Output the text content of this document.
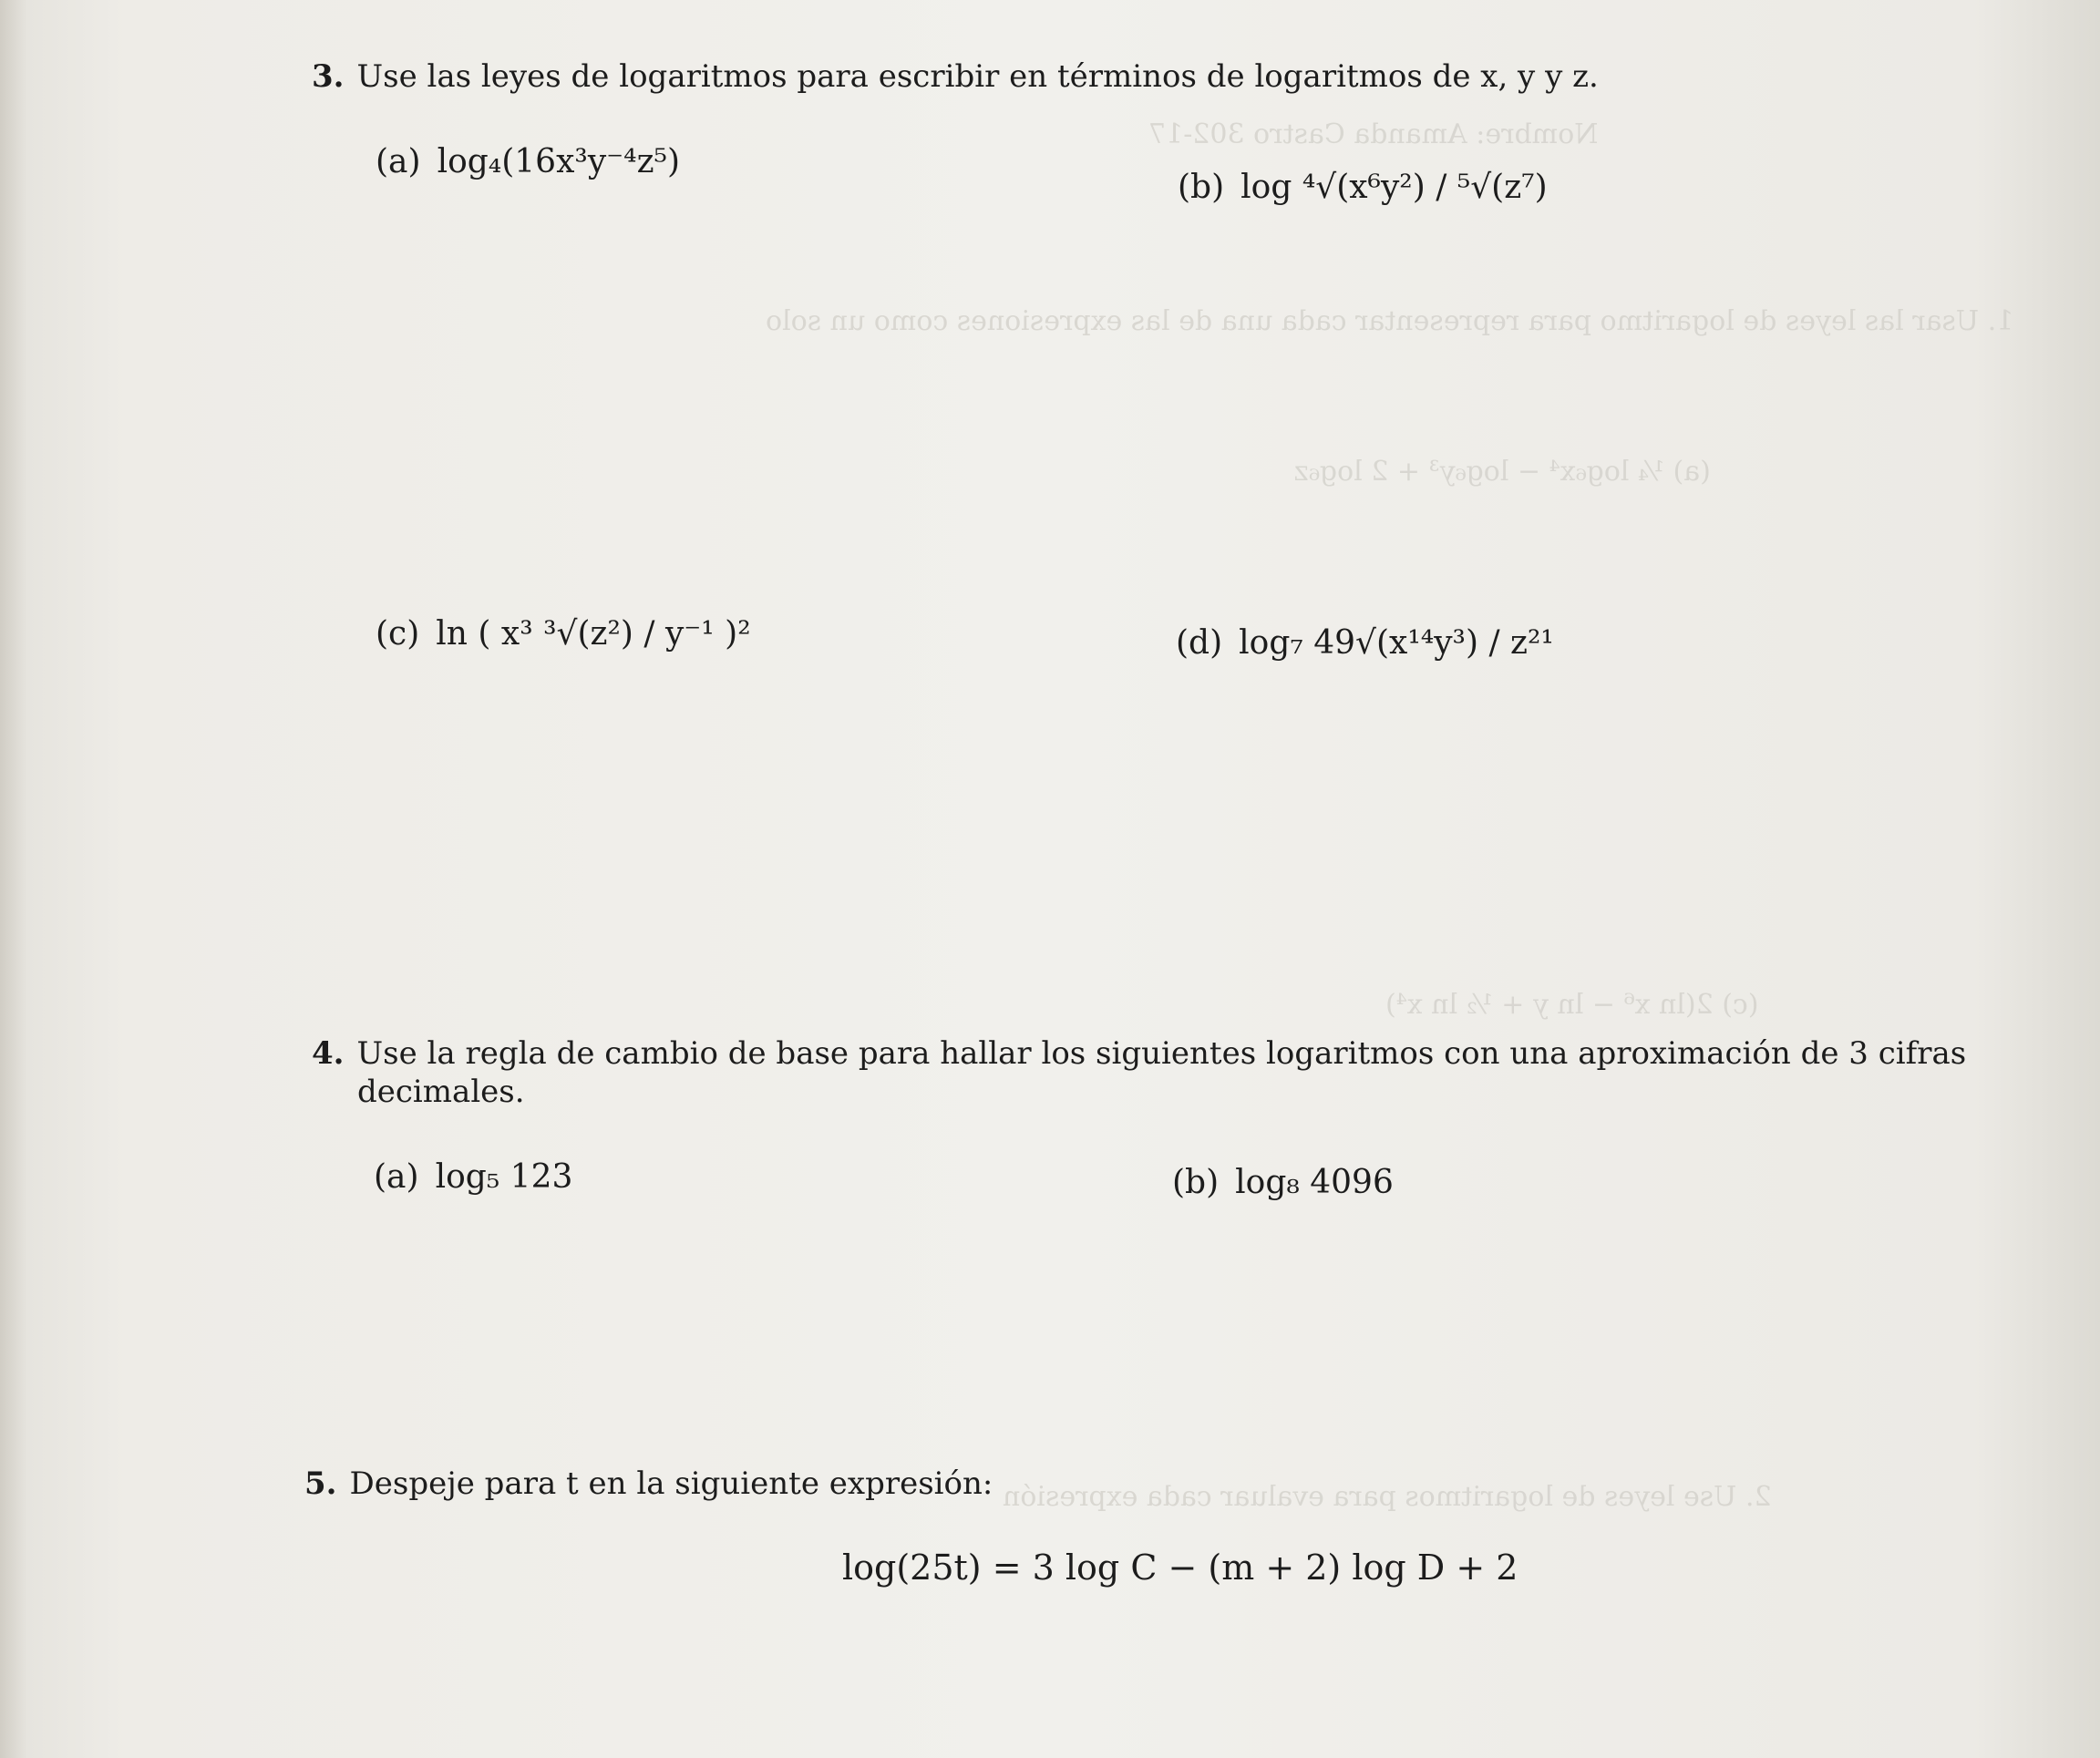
Nombre: Amanda Castro 302-17
1. Usar las leyes de logaritmo para representar cada una de las expresiones como un solo
(a) ¼ log₆x⁴ − log₆y³ + 2 log₆z
(c) 2(ln x⁶ − ln y + ½ ln x⁴)
2. Use leyes de logaritmos para evaluar cada expresión
3. Use las leyes de logaritmos para escribir en términos de logaritmos de x, y y z.
(a) log₄(16x³y⁻⁴z⁵)
(b) log ⁴√(x⁶y²) / ⁵√(z⁷)
(c) ln ( x³ ³√(z²) / y⁻¹ )²	(d) log₇ 49√(x¹⁴y³) / z²¹
4. Use la regla de cambio de base para hallar los siguientes logaritmos con una aproximación de 3 cifras
decimales.
(a) log₅ 123	(b) log₈ 4096
5. Despeje para t en la siguiente expresión:
log(25t) = 3 log C − (m + 2) log D + 2
